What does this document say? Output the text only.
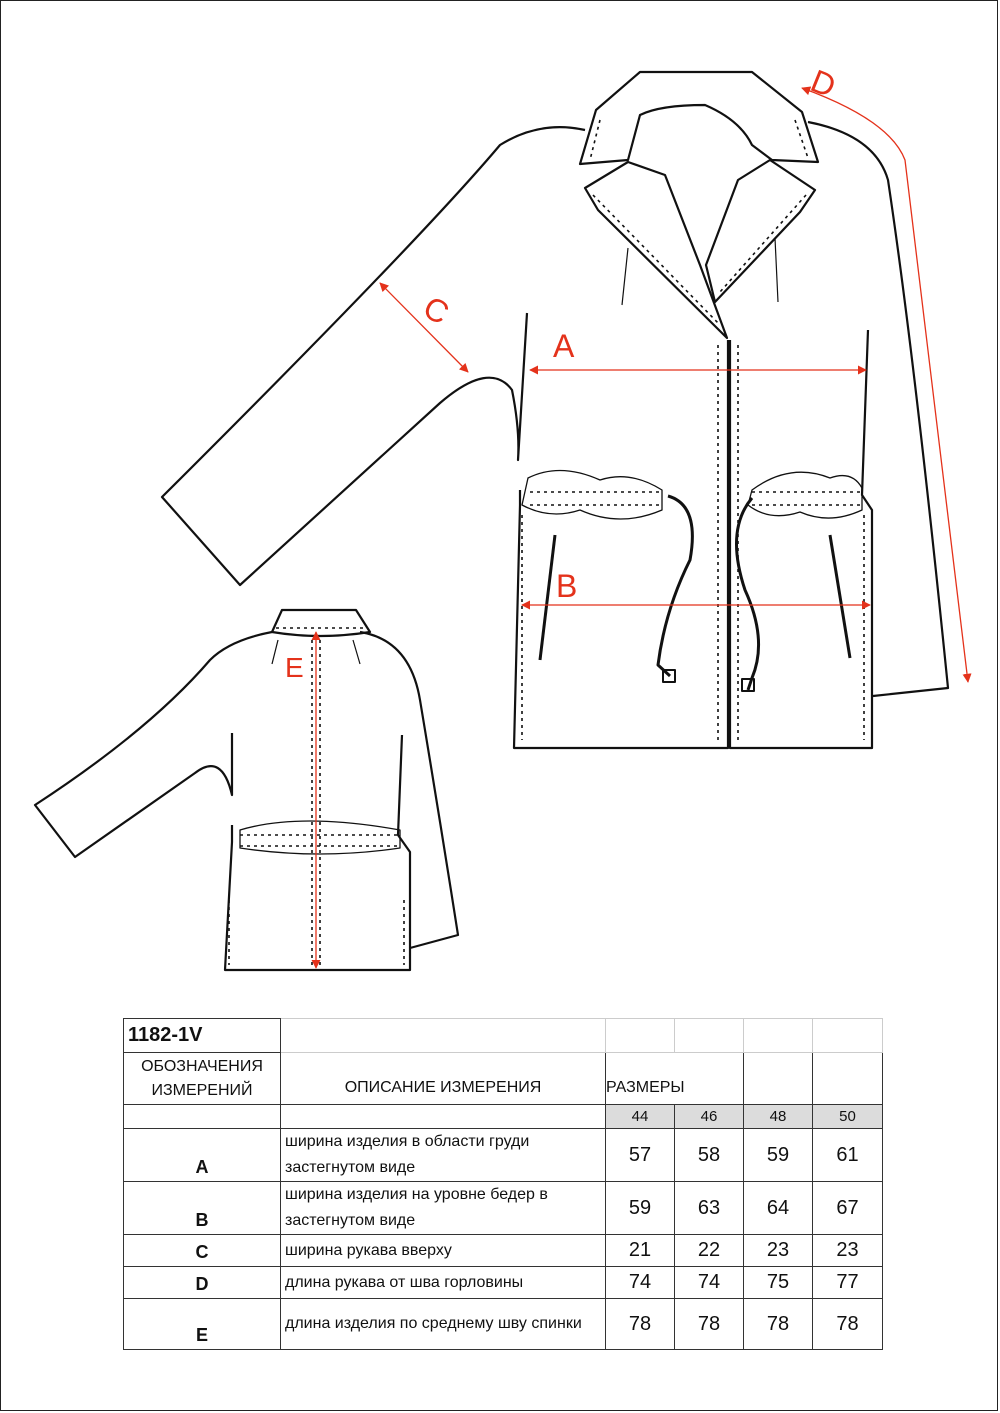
A
B
C
D
E
1182-1V					
ОБОЗНАЧЕНИЯ ИЗМЕРЕНИЙ	ОПИСАНИЕ ИЗМЕРЕНИЯ	РАЗМЕРЫ			
		44	46	48	50
A	ширина изделия в области груди застегнутом виде	57	58	59	61
B	ширина изделия на уровне бедер в застегнутом виде	59	63	64	67
C	ширина рукава вверху	21	22	23	23
D	длина рукава от шва горловины	74	74	75	77
E	длина изделия по среднему шву спинки	78	78	78	78
